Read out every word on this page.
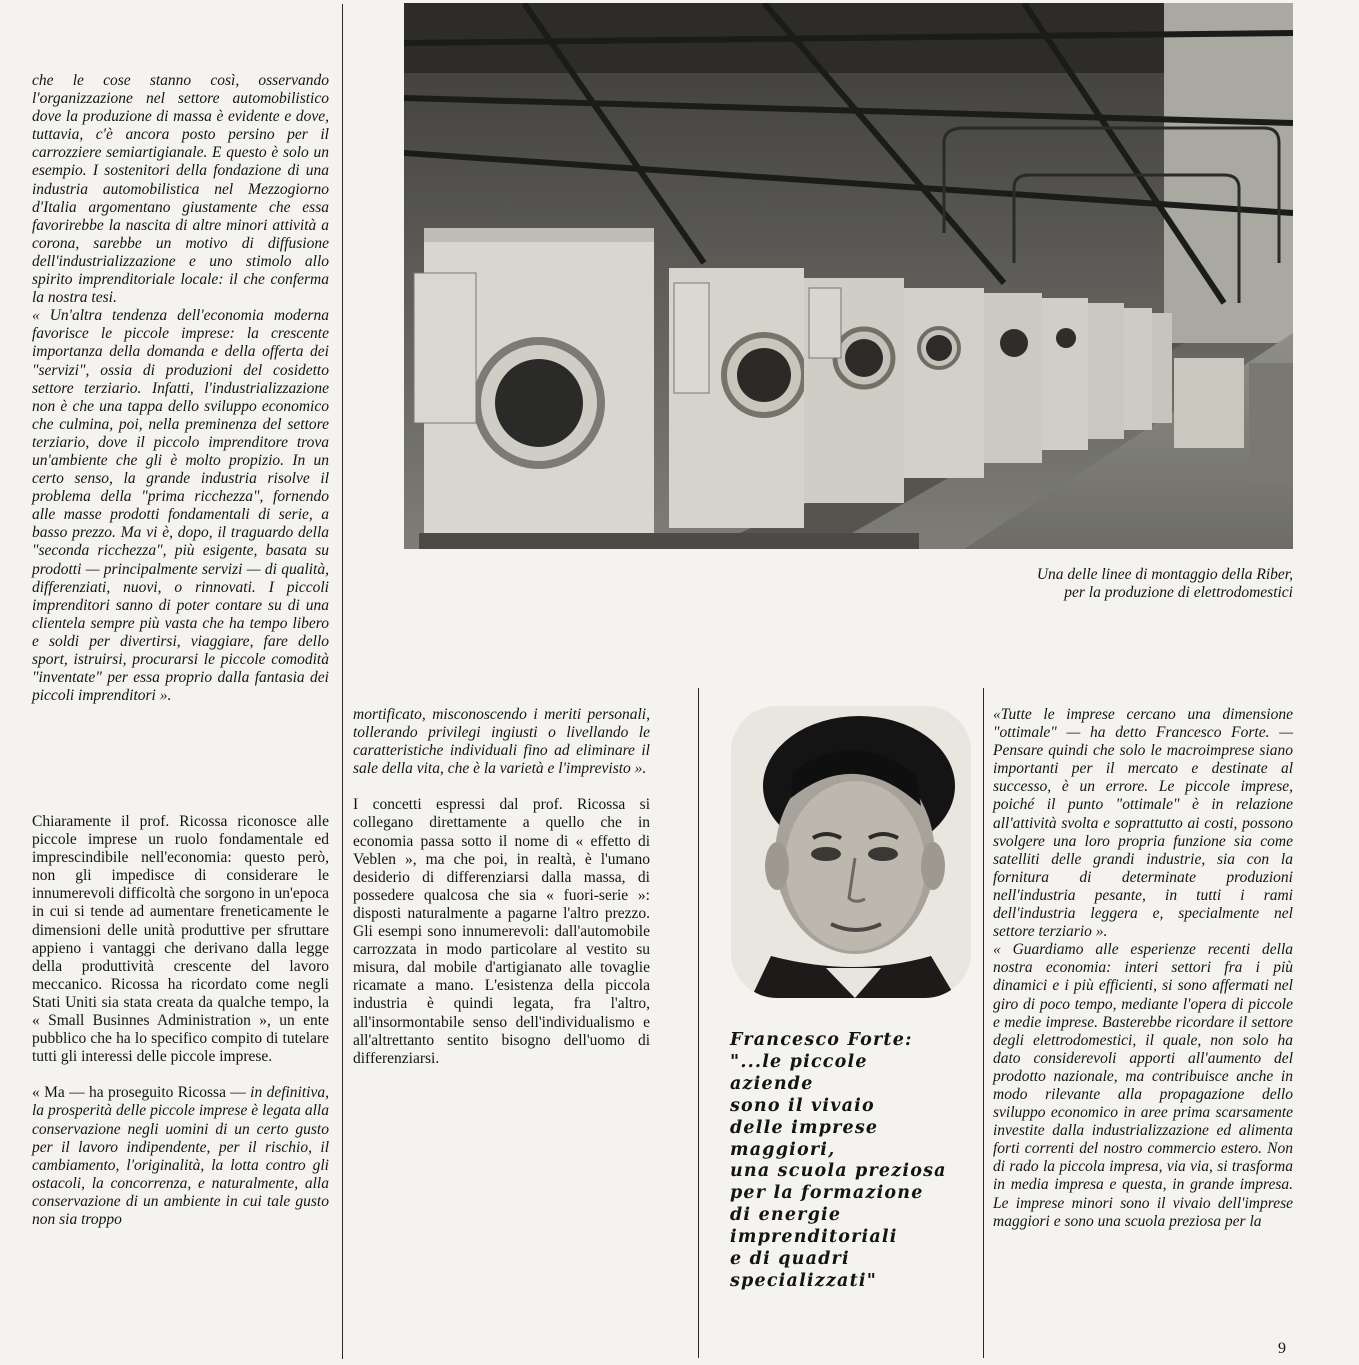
che le cose stanno così, osservando l'organizzazione nel settore automobilistico dove la produzione di massa è evidente e dove, tuttavia, c'è ancora posto persino per il carrozziere semiartigianale. E questo è solo un esempio. I sostenitori della fondazione di una industria automobilistica nel Mezzogiorno d'Italia argomentano giustamente che essa favorirebbe la nascita di altre minori attività a corona, sarebbe un motivo di diffusione dell'industrializzazione e uno stimolo allo spirito imprenditoriale locale: il che conferma la nostra tesi.

« Un'altra tendenza dell'economia moderna favorisce le piccole imprese: la crescente importanza della domanda e della offerta dei "servizi", ossia di produzioni del cosidetto settore terziario. Infatti, l'industrializzazione non è che una tappa dello sviluppo economico che culmina, poi, nella preminenza del settore terziario, dove il piccolo imprenditore trova un'ambiente che gli è molto propizio. In un certo senso, la grande industria risolve il problema della "prima ricchezza", fornendo alle masse prodotti fondamentali di serie, a basso prezzo. Ma vi è, dopo, il traguardo della "seconda ricchezza", più esigente, basata su prodotti — principalmente servizi — di qualità, differenziati, nuovi, o rinnovati. I piccoli imprenditori sanno di poter contare su di una clientela sempre più vasta che ha tempo libero e soldi per divertirsi, viaggiare, fare dello sport, istruirsi, procurarsi le piccole comodità "inventate" per essa proprio dalla fantasia dei piccoli imprenditori ».

Chiaramente il prof. Ricossa riconosce alle piccole imprese un ruolo fondamentale ed imprescindibile nell'economia: questo però, non gli impedisce di considerare le innumerevoli difficoltà che sorgono in un'epoca in cui si tende ad aumentare freneticamente le dimensioni delle unità produttive per sfruttare appieno i vantaggi che derivano dalla legge della produttività crescente del lavoro meccanico. Ricossa ha ricordato come negli Stati Uniti sia stata creata da qualche tempo, la « Small Businnes Administration », un ente pubblico che ha lo specifico compito di tutelare tutti gli interessi delle piccole imprese.

« Ma — ha proseguito Ricossa — in definitiva, la prosperità delle piccole imprese è legata alla conservazione negli uomini di un certo gusto per il lavoro indipendente, per il rischio, il cambiamento, l'originalità, la lotta contro gli ostacoli, la concorrenza, e naturalmente, alla conservazione di un ambiente in cui tale gusto non sia troppo

Una delle linee di montaggio della Riber,
per la produzione di elettrodomestici

mortificato, misconoscendo i meriti personali, tollerando privilegi ingiusti o livellando le caratteristiche individuali fino ad eliminare il sale della vita, che è la varietà e l'imprevisto ».

I concetti espressi dal prof. Ricossa si collegano direttamente a quello che in economia passa sotto il nome di « effetto di Veblen », ma che poi, in realtà, è l'umano desiderio di differenziarsi dalla massa, di possedere qualcosa che sia « fuori-serie »: disposti naturalmente a pagarne l'altro prezzo. Gli esempi sono innumerevoli: dall'automobile carrozzata in modo particolare al vestito su misura, dal mobile d'artigianato alle tovaglie ricamate a mano. L'esistenza della piccola industria è quindi legata, fra l'altro, all'insormontabile senso dell'individualismo e all'altrettanto sentito bisogno dell'uomo di differenziarsi.

Francesco Forte:
"...le piccole
aziende
sono il vivaio
delle imprese
maggiori,
una scuola preziosa
per la formazione
di energie
imprenditoriali
e di quadri
specializzati"

«Tutte le imprese cercano una dimensione "ottimale" — ha detto Francesco Forte. — Pensare quindi che solo le macroimprese siano importanti per il mercato e destinate al successo, è un errore. Le piccole imprese, poiché il punto "ottimale" è in relazione all'attività svolta e soprattutto ai costi, possono svolgere una loro propria funzione sia come satelliti delle grandi industrie, sia con la fornitura di determinate produzioni nell'industria pesante, in tutti i rami dell'industria leggera e, specialmente nel settore terziario ».

« Guardiamo alle esperienze recenti della nostra economia: interi settori fra i più dinamici e i più efficienti, si sono affermati nel giro di poco tempo, mediante l'opera di piccole e medie imprese. Basterebbe ricordare il settore degli elettrodomestici, il quale, non solo ha dato considerevoli apporti all'aumento del prodotto nazionale, ma contribuisce anche in modo rilevante alla propagazione dello sviluppo economico in aree prima scarsamente investite dalla industrializzazione ed alimenta forti correnti del nostro commercio estero. Non di rado la piccola impresa, via via, si trasforma in media impresa e questa, in grande impresa. Le imprese minori sono il vivaio dell'imprese maggiori e sono una scuola preziosa per la

9
